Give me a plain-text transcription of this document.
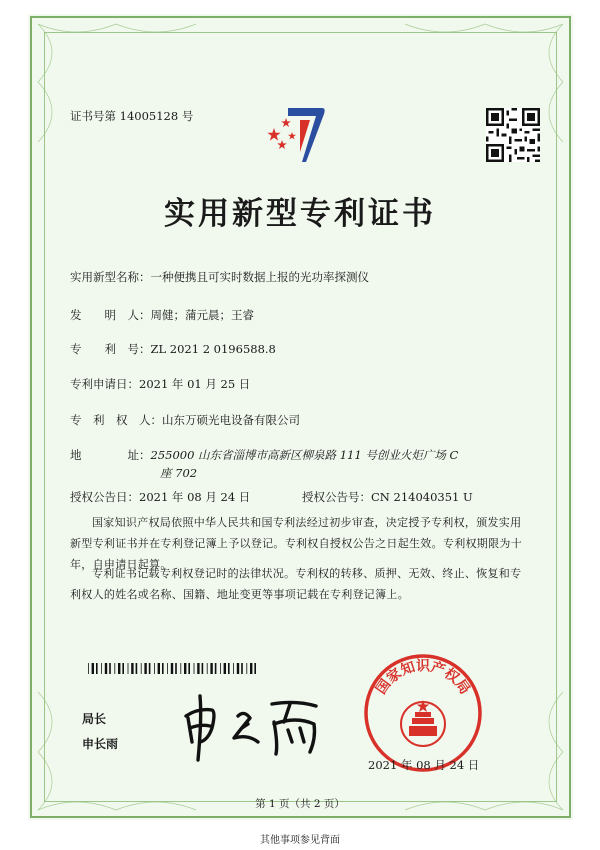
证书号第 14005128 号
实用新型专利证书
实用新型名称：一种便携且可实时数据上报的光功率探测仪
发　　明　人：周健；蒲元晨；王睿
专　　利　号：ZL 2021 2 0196588.8
专利申请日：2021 年 01 月 25 日
专　利　权　人：山东万硕光电设备有限公司
地　　　　址：255000 山东省淄博市高新区柳泉路 111 号创业火炬广场 C
座 702
授权公告日：2021 年 08 月 24 日	授权公告号：CN 214040351 U
国家知识产权局依照中华人民共和国专利法经过初步审查，决定授予专利权，颁发实用新型专利证书并在专利登记簿上予以登记。专利权自授权公告之日起生效。专利权期限为十年，自申请日起算。
专利证书记载专利权登记时的法律状况。专利权的转移、质押、无效、终止、恢复和专利权人的姓名或名称、国籍、地址变更等事项记载在专利登记簿上。
局长
申长雨
国家知识产权局
2021 年 08 月 24 日
第 1 页（共 2 页）
其他事项参见背面
